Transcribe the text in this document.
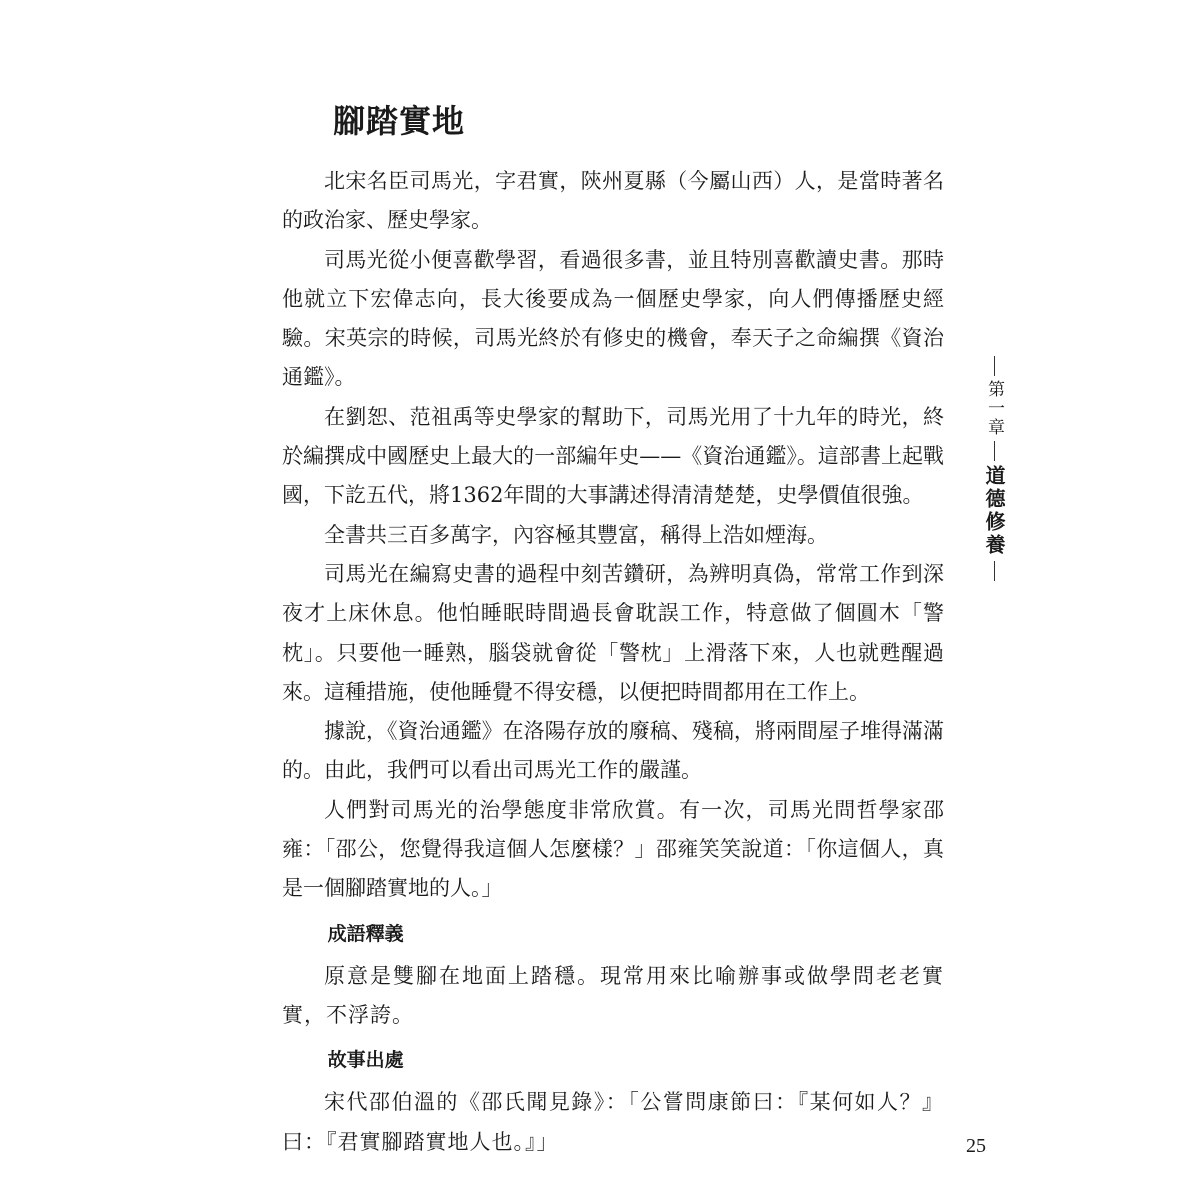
腳踏實地

北宋名臣司馬光，字君實，陝州夏縣（今屬山西）人，是當時著名的政治家、歷史學家。

司馬光從小便喜歡學習，看過很多書，並且特別喜歡讀史書。那時他就立下宏偉志向，長大後要成為一個歷史學家，向人們傳播歷史經驗。宋英宗的時候，司馬光終於有修史的機會，奉天子之命編撰《資治通鑑》。

在劉恕、范祖禹等史學家的幫助下，司馬光用了十九年的時光，終於編撰成中國歷史上最大的一部編年史——《資治通鑑》。這部書上起戰國，下訖五代，將1362年間的大事講述得清清楚楚，史學價值很強。

全書共三百多萬字，內容極其豐富，稱得上浩如煙海。

司馬光在編寫史書的過程中刻苦鑽研，為辨明真偽，常常工作到深夜才上床休息。他怕睡眠時間過長會耽誤工作，特意做了個圓木「警枕」。只要他一睡熟，腦袋就會從「警枕」上滑落下來，人也就甦醒過來。這種措施，使他睡覺不得安穩，以便把時間都用在工作上。

據說，《資治通鑑》在洛陽存放的廢稿、殘稿，將兩間屋子堆得滿滿的。由此，我們可以看出司馬光工作的嚴謹。

人們對司馬光的治學態度非常欣賞。有一次，司馬光問哲學家邵雍：「邵公，您覺得我這個人怎麼樣？」邵雍笑笑說道：「你這個人，真是一個腳踏實地的人。」

成語釋義

原意是雙腳在地面上踏穩。現常用來比喻辦事或做學問老老實實，不浮誇。

故事出處

宋代邵伯溫的《邵氏聞見錄》：「公嘗問康節曰：『某何如人？』曰：『君實腳踏實地人也。』」

第一章
道德修養
25
